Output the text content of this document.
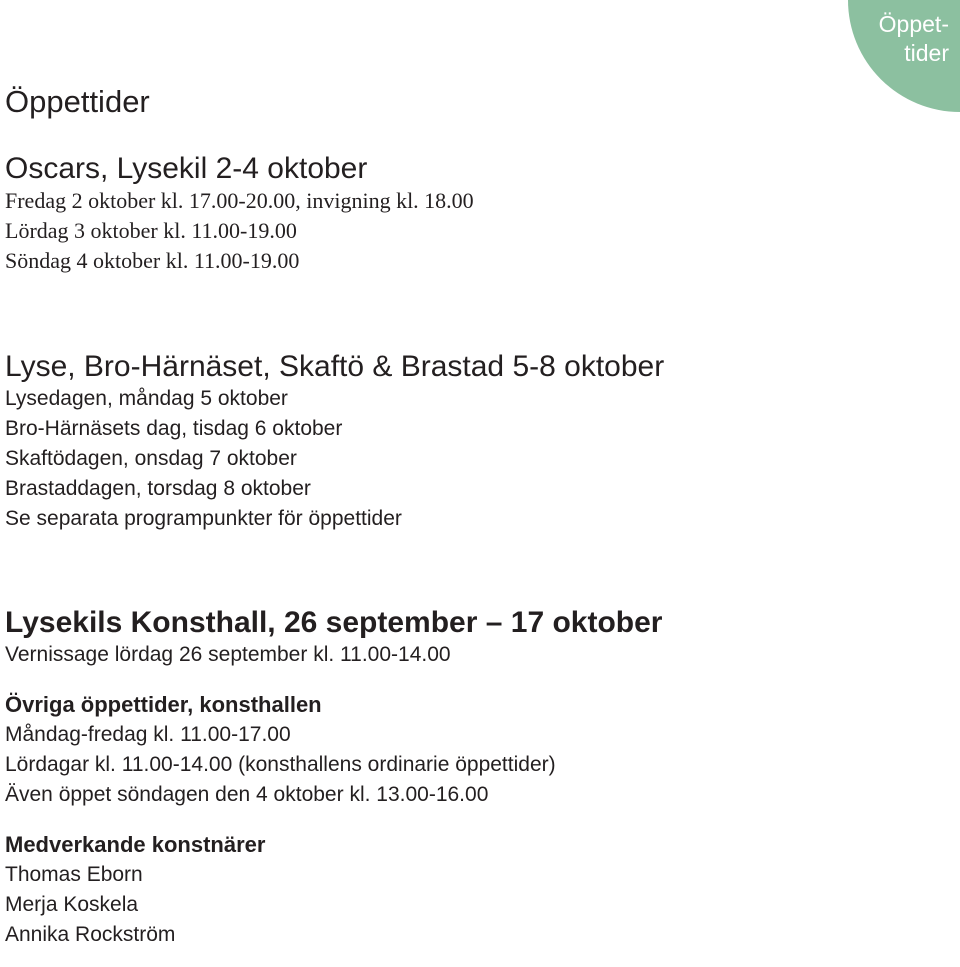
Öppet-
tider
Öppettider
Oscars, Lysekil 2-4 oktober
Fredag 2 oktober kl. 17.00-20.00, invigning kl. 18.00
Lördag 3 oktober kl. 11.00-19.00
Söndag 4 oktober kl. 11.00-19.00
Lyse, Bro-Härnäset, Skaftö & Brastad 5-8 oktober
Lysedagen, måndag 5 oktober
Bro-Härnäsets dag, tisdag 6 oktober
Skaftödagen, onsdag 7 oktober
Brastaddagen, torsdag 8 oktober
Se separata programpunkter för öppettider
Lysekils Konsthall, 26 september – 17 oktober
Vernissage lördag 26 september kl. 11.00-14.00
Övriga öppettider, konsthallen
Måndag-fredag kl. 11.00-17.00
Lördagar kl. 11.00-14.00 (konsthallens ordinarie öppettider)
Även öppet söndagen den 4 oktober kl. 13.00-16.00
Medverkande konstnärer
Thomas Eborn
Merja Koskela
Annika Rockström
